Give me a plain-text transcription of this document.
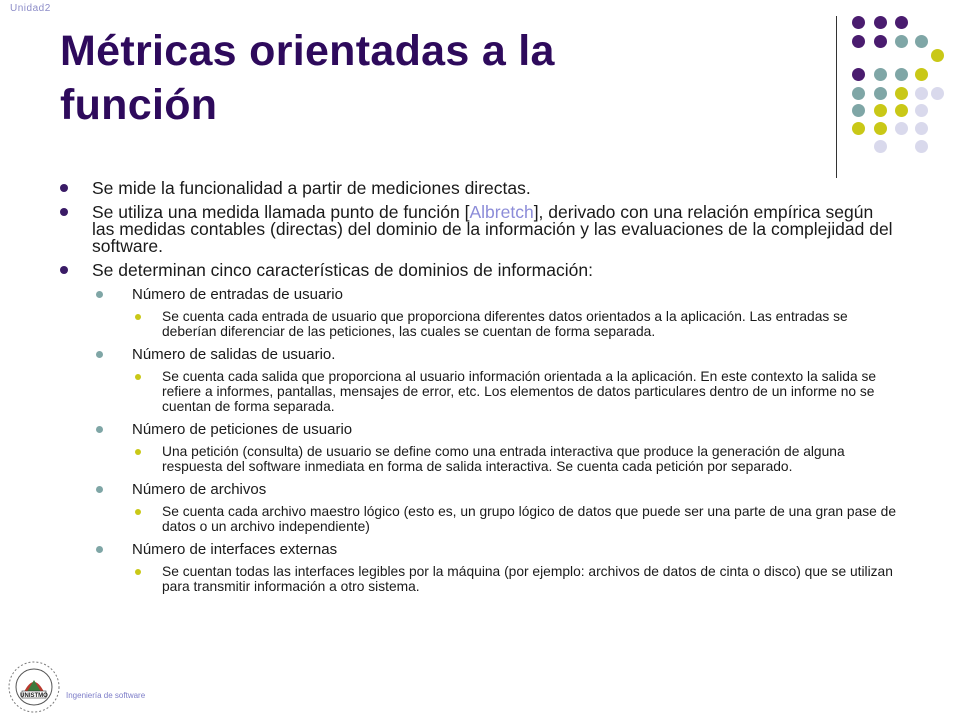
Unidad2
Métricas orientadas a la
función
Se mide la funcionalidad a partir de mediciones directas.
Se utiliza una medida llamada punto de función [Albretch], derivado con una relación empírica según las medidas contables (directas) del dominio de la información y las evaluaciones de la complejidad del software.
Se determinan cinco características de dominios de información:
Número de entradas de usuario
Se cuenta cada entrada de usuario que proporciona diferentes datos orientados a la aplicación. Las entradas se deberían diferenciar de las peticiones, las cuales se cuentan de forma separada.
Número de salidas de usuario.
Se cuenta cada salida que proporciona al usuario información orientada a la aplicación. En este contexto la salida se refiere a informes, pantallas, mensajes de error, etc. Los elementos de datos particulares dentro de un informe no se cuentan de forma separada.
Número de peticiones de usuario
Una petición (consulta) de usuario se define como una entrada interactiva que produce la generación de alguna respuesta del software inmediata en forma de salida interactiva. Se cuenta cada petición por separado.
Número de archivos
Se cuenta cada archivo maestro lógico (esto es, un grupo lógico de datos que puede ser una parte de una gran pase de datos o un archivo independiente)
Número de interfaces externas
Se cuentan todas las interfaces legibles por la máquina (por ejemplo: archivos de datos de cinta o disco) que se utilizan para transmitir información a otro sistema.
UNISTMO Ingeniería de software
